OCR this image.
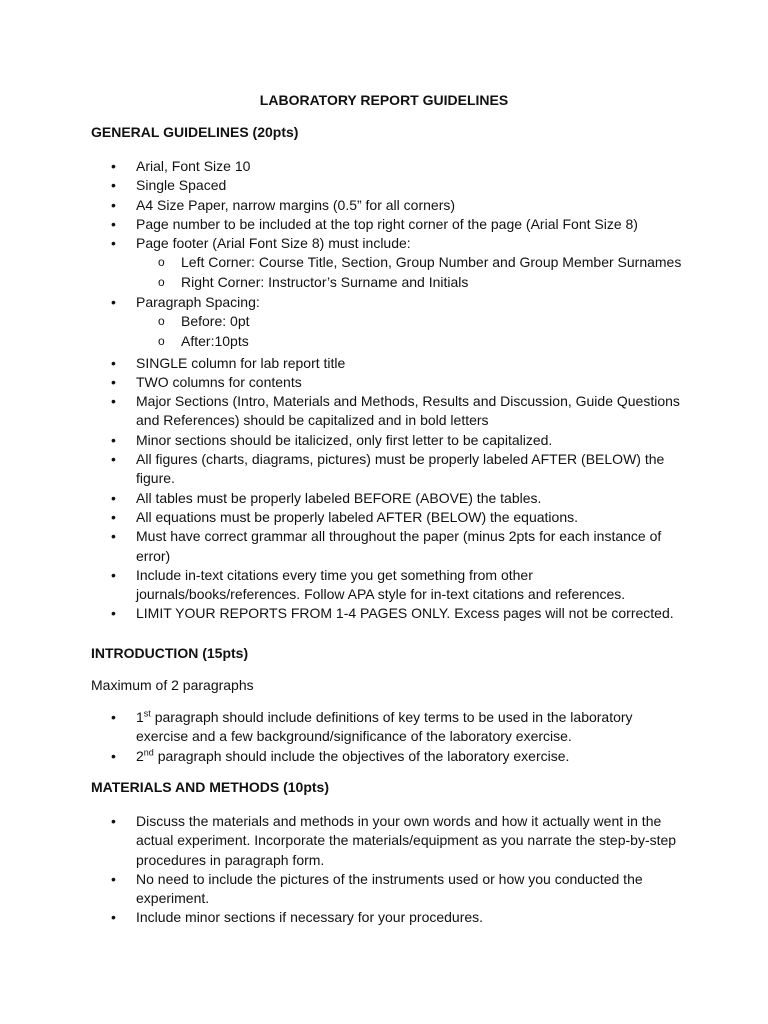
LABORATORY REPORT GUIDELINES
GENERAL GUIDELINES (20pts)
• Arial, Font Size 10
• Single Spaced
• A4 Size Paper, narrow margins (0.5” for all corners)
• Page number to be included at the top right corner of the page (Arial Font Size 8)
• Page footer (Arial Font Size 8) must include:
o Left Corner: Course Title, Section, Group Number and Group Member Surnames
o Right Corner: Instructor’s Surname and Initials
• Paragraph Spacing:
o Before: 0pt
o After:10pts
• SINGLE column for lab report title
• TWO columns for contents
• Major Sections (Intro, Materials and Methods, Results and Discussion, Guide Questions and References) should be capitalized and in bold letters
• Minor sections should be italicized, only first letter to be capitalized.
• All figures (charts, diagrams, pictures) must be properly labeled AFTER (BELOW) the figure.
• All tables must be properly labeled BEFORE (ABOVE) the tables.
• All equations must be properly labeled AFTER (BELOW) the equations.
• Must have correct grammar all throughout the paper (minus 2pts for each instance of error)
• Include in-text citations every time you get something from other journals/books/references. Follow APA style for in-text citations and references.
• LIMIT YOUR REPORTS FROM 1-4 PAGES ONLY. Excess pages will not be corrected.
INTRODUCTION (15pts)
Maximum of 2 paragraphs
• 1st paragraph should include definitions of key terms to be used in the laboratory exercise and a few background/significance of the laboratory exercise.
• 2nd paragraph should include the objectives of the laboratory exercise.
MATERIALS AND METHODS (10pts)
• Discuss the materials and methods in your own words and how it actually went in the actual experiment. Incorporate the materials/equipment as you narrate the step-by-step procedures in paragraph form.
• No need to include the pictures of the instruments used or how you conducted the experiment.
• Include minor sections if necessary for your procedures.
